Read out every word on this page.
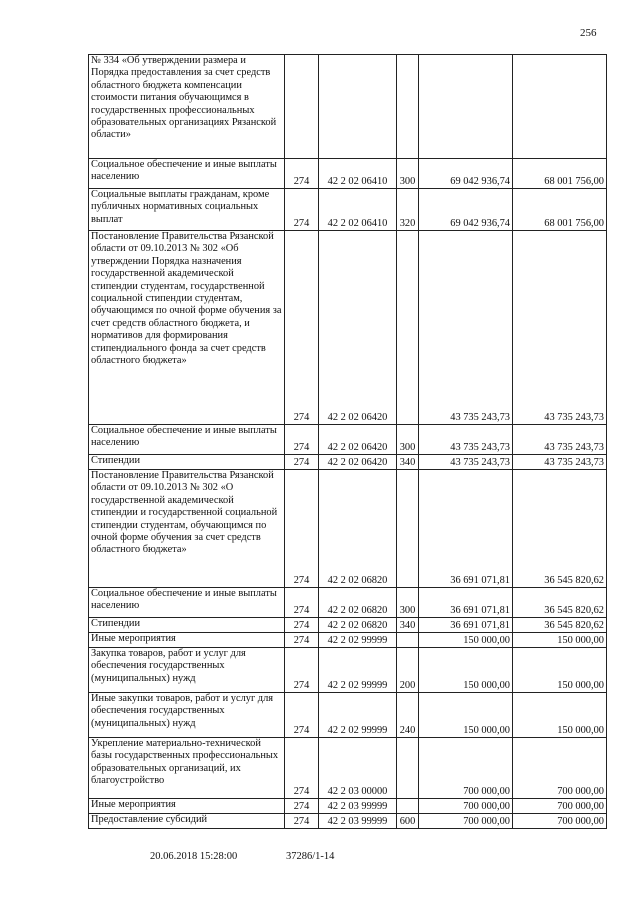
256
№ 334 «Об утверждении размера и Порядка предоставления за счет средств областного бюджета компенсации стоимости питания обучающимся в государственных профессиональных образовательных организациях Рязанской области»					
Социальное обеспечение и иные выплаты населению	274	42 2 02 06410	300	69 042 936,74	68 001 756,00
Социальные выплаты гражданам, кроме публичных нормативных социальных выплат	274	42 2 02 06410	320	69 042 936,74	68 001 756,00
Постановление Правительства Рязанской области от 09.10.2013 № 302 «Об утверждении Порядка назначения государственной академической стипендии студентам, государственной социальной стипендии студентам, обучающимся по очной форме обучения за счет средств областного бюджета, и нормативов для формирования стипендиального фонда за счет средств областного бюджета»	274	42 2 02 06420		43 735 243,73	43 735 243,73
Социальное обеспечение и иные выплаты населению	274	42 2 02 06420	300	43 735 243,73	43 735 243,73
Стипендии	274	42 2 02 06420	340	43 735 243,73	43 735 243,73
Постановление Правительства Рязанской области от 09.10.2013 № 302 «О государственной академической стипендии и государственной социальной стипендии студентам, обучающимся по очной форме обучения за счет средств областного бюджета»	274	42 2 02 06820		36 691 071,81	36 545 820,62
Социальное обеспечение и иные выплаты населению	274	42 2 02 06820	300	36 691 071,81	36 545 820,62
Стипендии	274	42 2 02 06820	340	36 691 071,81	36 545 820,62
Иные мероприятия	274	42 2 02 99999		150 000,00	150 000,00
Закупка товаров, работ и услуг для обеспечения государственных (муниципальных) нужд	274	42 2 02 99999	200	150 000,00	150 000,00
Иные закупки товаров, работ и услуг для обеспечения государственных (муниципальных) нужд	274	42 2 02 99999	240	150 000,00	150 000,00
Укрепление материально-технической базы государственных профессиональных образовательных организаций, их благоустройство	274	42 2 03 00000		700 000,00	700 000,00
Иные мероприятия	274	42 2 03 99999		700 000,00	700 000,00
Предоставление субсидий	274	42 2 03 99999	600	700 000,00	700 000,00
20.06.2018 15:28:00	37286/1-14
